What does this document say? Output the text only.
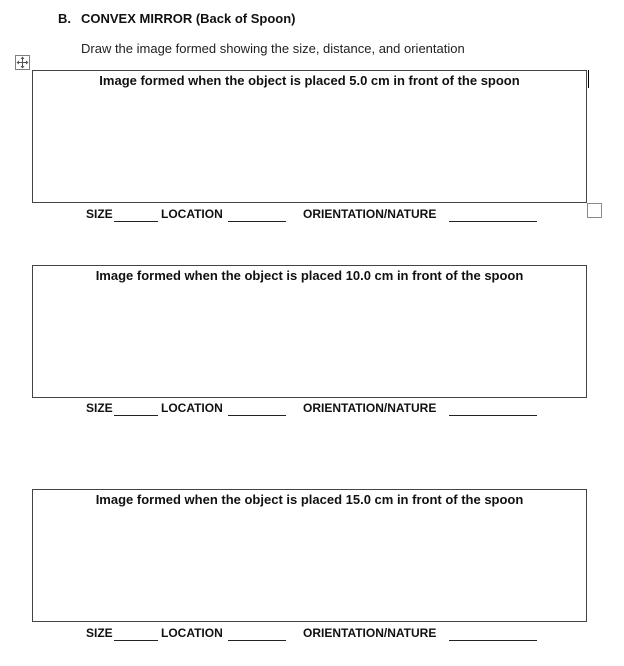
B. CONVEX MIRROR (Back of Spoon)
Draw the image formed showing the size, distance, and orientation
Image formed when the object is placed 5.0 cm in front of the spoon
SIZE	LOCATION	ORIENTATION/NATURE
Image formed when the object is placed 10.0 cm in front of the spoon
SIZE	LOCATION	ORIENTATION/NATURE
Image formed when the object is placed 15.0 cm in front of the spoon
SIZE	LOCATION	ORIENTATION/NATURE
